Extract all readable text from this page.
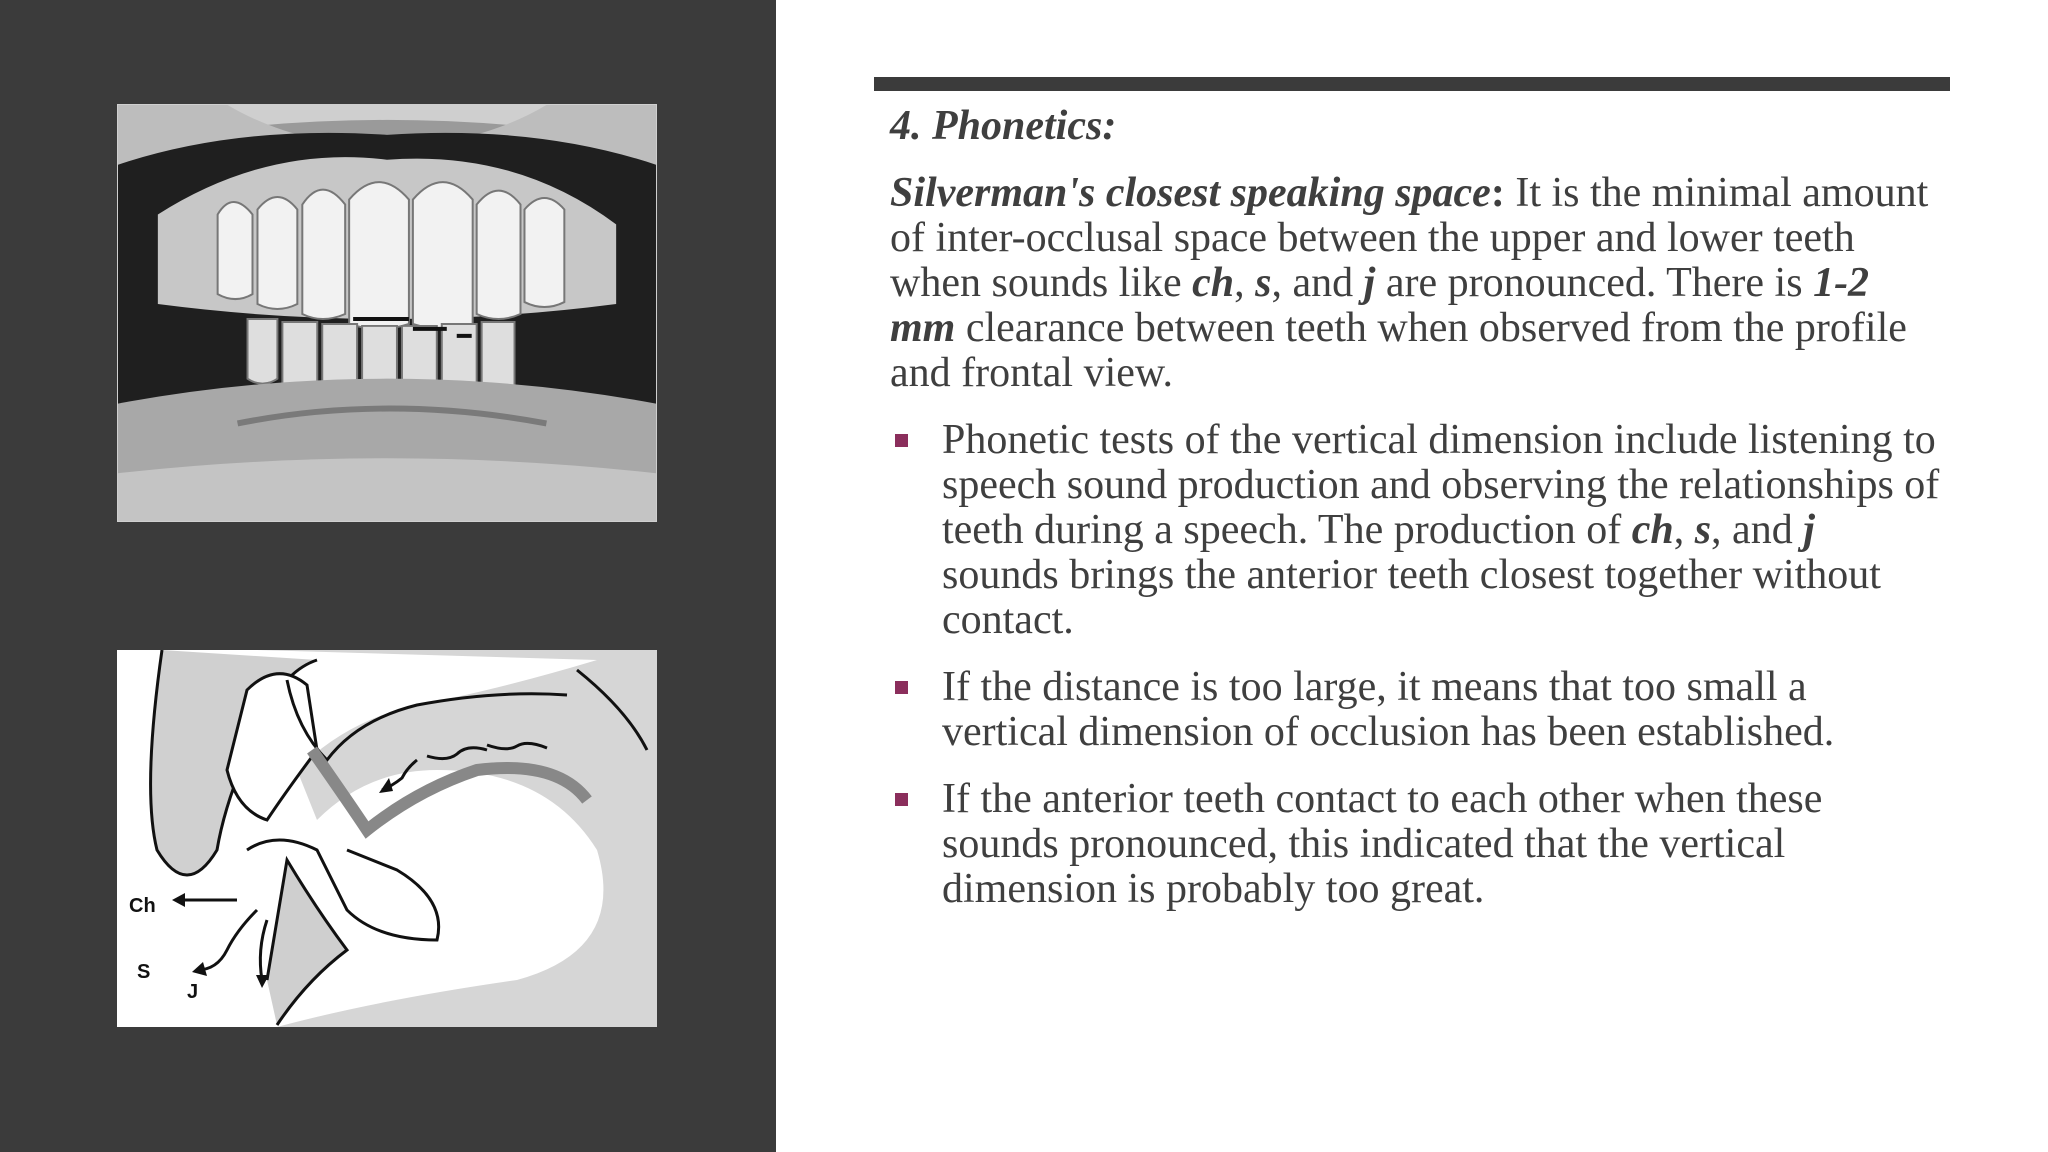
Ch
S
J

4. Phonetics:

Silverman's closest speaking space: It is the minimal amount of inter-occlusal space between the upper and lower teeth when sounds like ch, s, and j are pronounced. There is 1-2 mm clearance between teeth when observed from the profile and frontal view.

Phonetic tests of the vertical dimension include listening to speech sound production and observing the relationships of teeth during a speech. The production of ch, s, and j sounds brings the anterior teeth closest together without contact.
If the distance is too large, it means that too small a vertical dimension of occlusion has been established.
If the anterior teeth contact to each other when these sounds pronounced, this indicated that the vertical dimension is probably too great.
